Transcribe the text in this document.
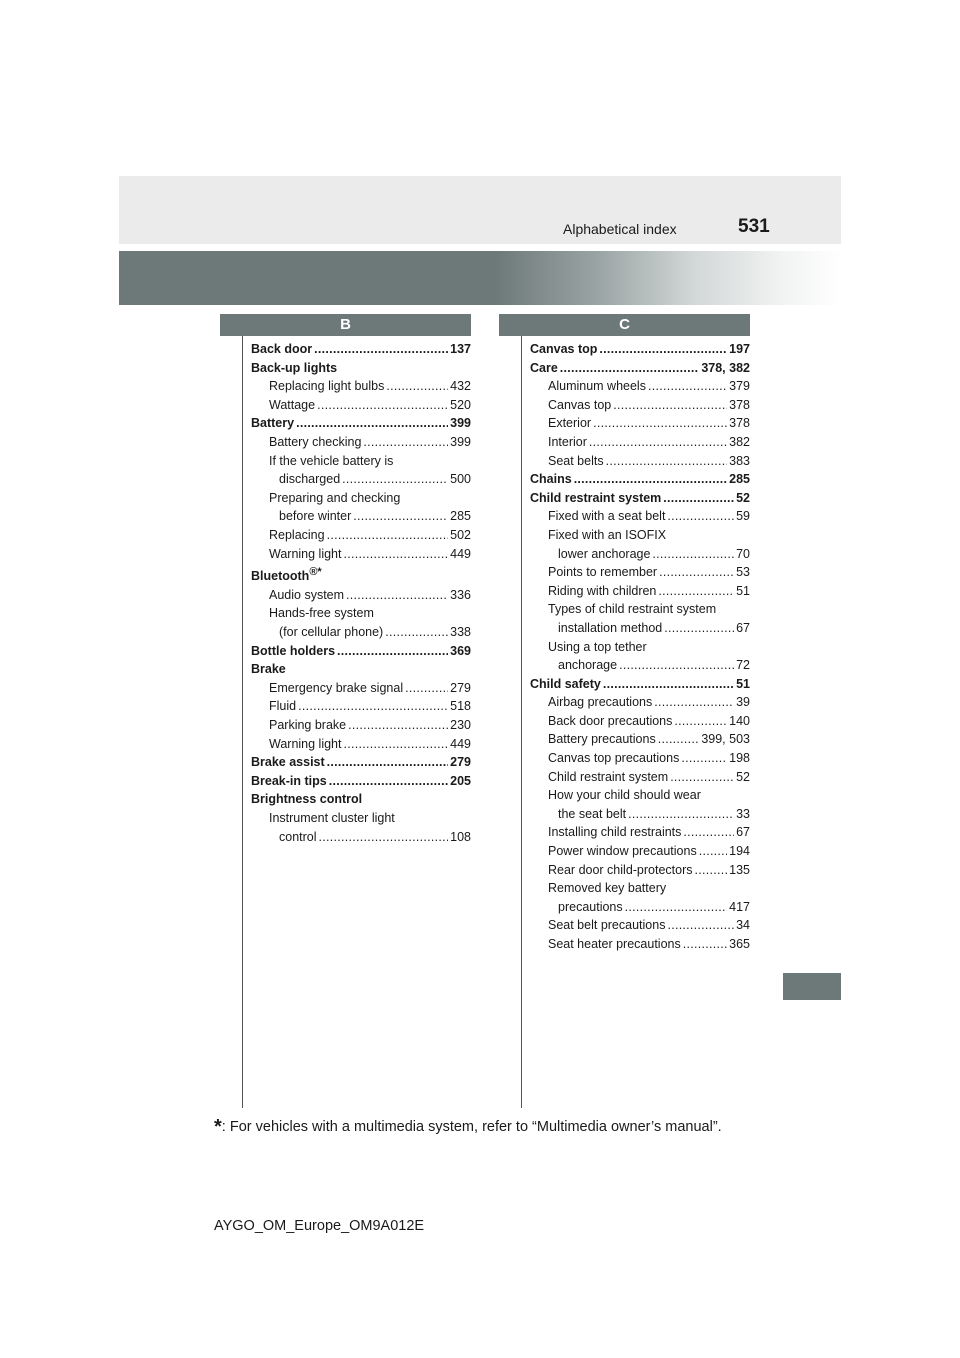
Alphabetical index	531
B	C
Back door . . .	137
Back-up lights
Replacing light bulbs . . .	432
Wattage . . .	520
Battery . . .	399
Battery checking . . .	399
If the vehicle battery is
discharged . . .	500
Preparing and checking
before winter . . .	285
Replacing . . .	502
Warning light . . .	449
Bluetooth®*
Audio system . . .	336
Hands-free system
(for cellular phone) . . .	338
Bottle holders . . .	369
Brake
Emergency brake signal . . .	279
Fluid . . .	518
Parking brake . . .	230
Warning light . . .	449
Brake assist . . .	279
Break-in tips . . .	205
Brightness control
Instrument cluster light
control . . .	108
Canvas top . . .	197
Care . . .	378, 382
Aluminum wheels . . .	379
Canvas top . . .	378
Exterior . . .	378
Interior . . .	382
Seat belts . . .	383
Chains . . .	285
Child restraint system . . .	52
Fixed with a seat belt . . .	59
Fixed with an ISOFIX
lower anchorage . . .	70
Points to remember . . .	53
Riding with children . . .	51
Types of child restraint system
installation method . . .	67
Using a top tether
anchorage . . .	72
Child safety . . .	51
Airbag precautions . . .	39
Back door precautions . . .	140
Battery precautions . . .	399, 503
Canvas top precautions . . .	198
Child restraint system . . .	52
How your child should wear
the seat belt . . .	33
Installing child restraints . . .	67
Power window precautions . . .	194
Rear door child-protectors . . .	135
Removed key battery
precautions . . .	417
Seat belt precautions . . .	34
Seat heater precautions . . .	365
*: For vehicles with a multimedia system, refer to “Multimedia owner’s manual”.
AYGO_OM_Europe_OM9A012E
